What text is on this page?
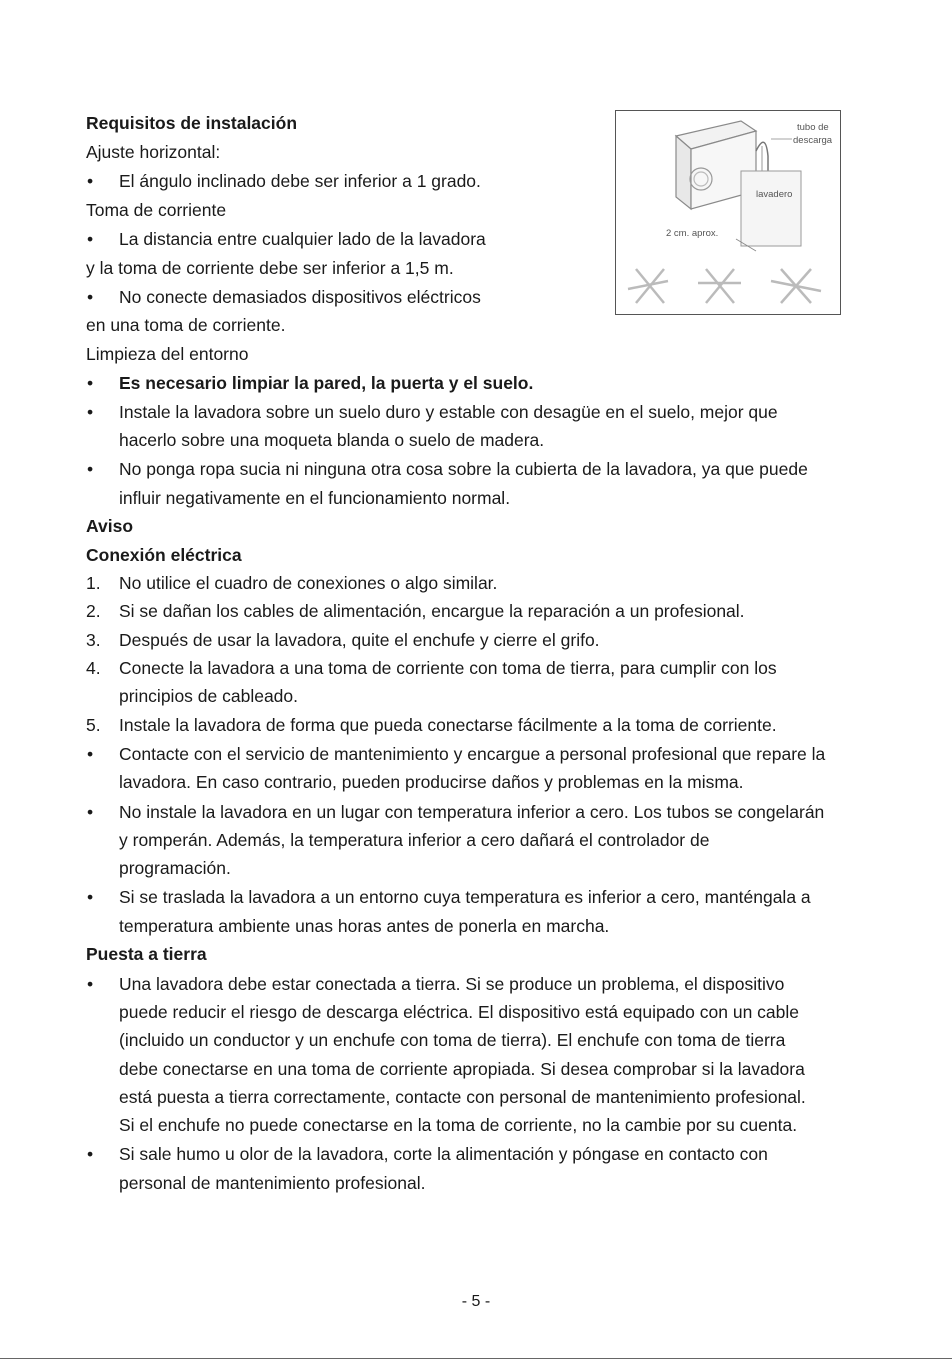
Requisitos de instalación
Ajuste horizontal:
•	El ángulo inclinado debe ser inferior a 1 grado.
Toma de corriente
•	La distancia entre cualquier lado de la lavadora
y la toma de corriente debe ser inferior a 1,5 m.
•	No conecte demasiados dispositivos eléctricos
en una toma de corriente.
Limpieza del entorno
•	Es necesario limpiar la pared, la puerta y el suelo.
•	Instale la lavadora sobre un suelo duro y estable con desagüe en el suelo, mejor que
hacerlo sobre una moqueta blanda o suelo de madera.
•	No ponga ropa sucia ni ninguna otra cosa sobre la cubierta de la lavadora, ya que puede
influir negativamente en el funcionamiento normal.
Aviso
Conexión eléctrica
1. No utilice el cuadro de conexiones o algo similar.
2. Si se dañan los cables de alimentación, encargue la reparación a un profesional.
3. Después de usar la lavadora, quite el enchufe y cierre el grifo.
4. Conecte la lavadora a una toma de corriente con toma de tierra, para cumplir con los
principios de cableado.
5. Instale la lavadora de forma que pueda conectarse fácilmente a la toma de corriente.
•	Contacte con el servicio de mantenimiento y encargue a personal profesional que repare la
lavadora. En caso contrario, pueden producirse daños y problemas en la misma.
•	No instale la lavadora en un lugar con temperatura inferior a cero. Los tubos se congelarán
y romperán. Además, la temperatura inferior a cero dañará el controlador de
programación.
•	Si se traslada la lavadora a un entorno cuya temperatura es inferior a cero, manténgala a
temperatura ambiente unas horas antes de ponerla en marcha.
Puesta a tierra
•	Una lavadora debe estar conectada a tierra. Si se produce un problema, el dispositivo
puede reducir el riesgo de descarga eléctrica. El dispositivo está equipado con un cable
(incluido un conductor y un enchufe con toma de tierra). El enchufe con toma de tierra
debe conectarse en una toma de corriente apropiada. Si desea comprobar si la lavadora
está puesta a tierra correctamente, contacte con personal de mantenimiento profesional.
Si el enchufe no puede conectarse en la toma de corriente, no la cambie por su cuenta.
•	Si sale humo u olor de la lavadora, corte la alimentación y póngase en contacto con
personal de mantenimiento profesional.
tubo de
descarga
lavadero
2 cm. aprox.
- 5 -
